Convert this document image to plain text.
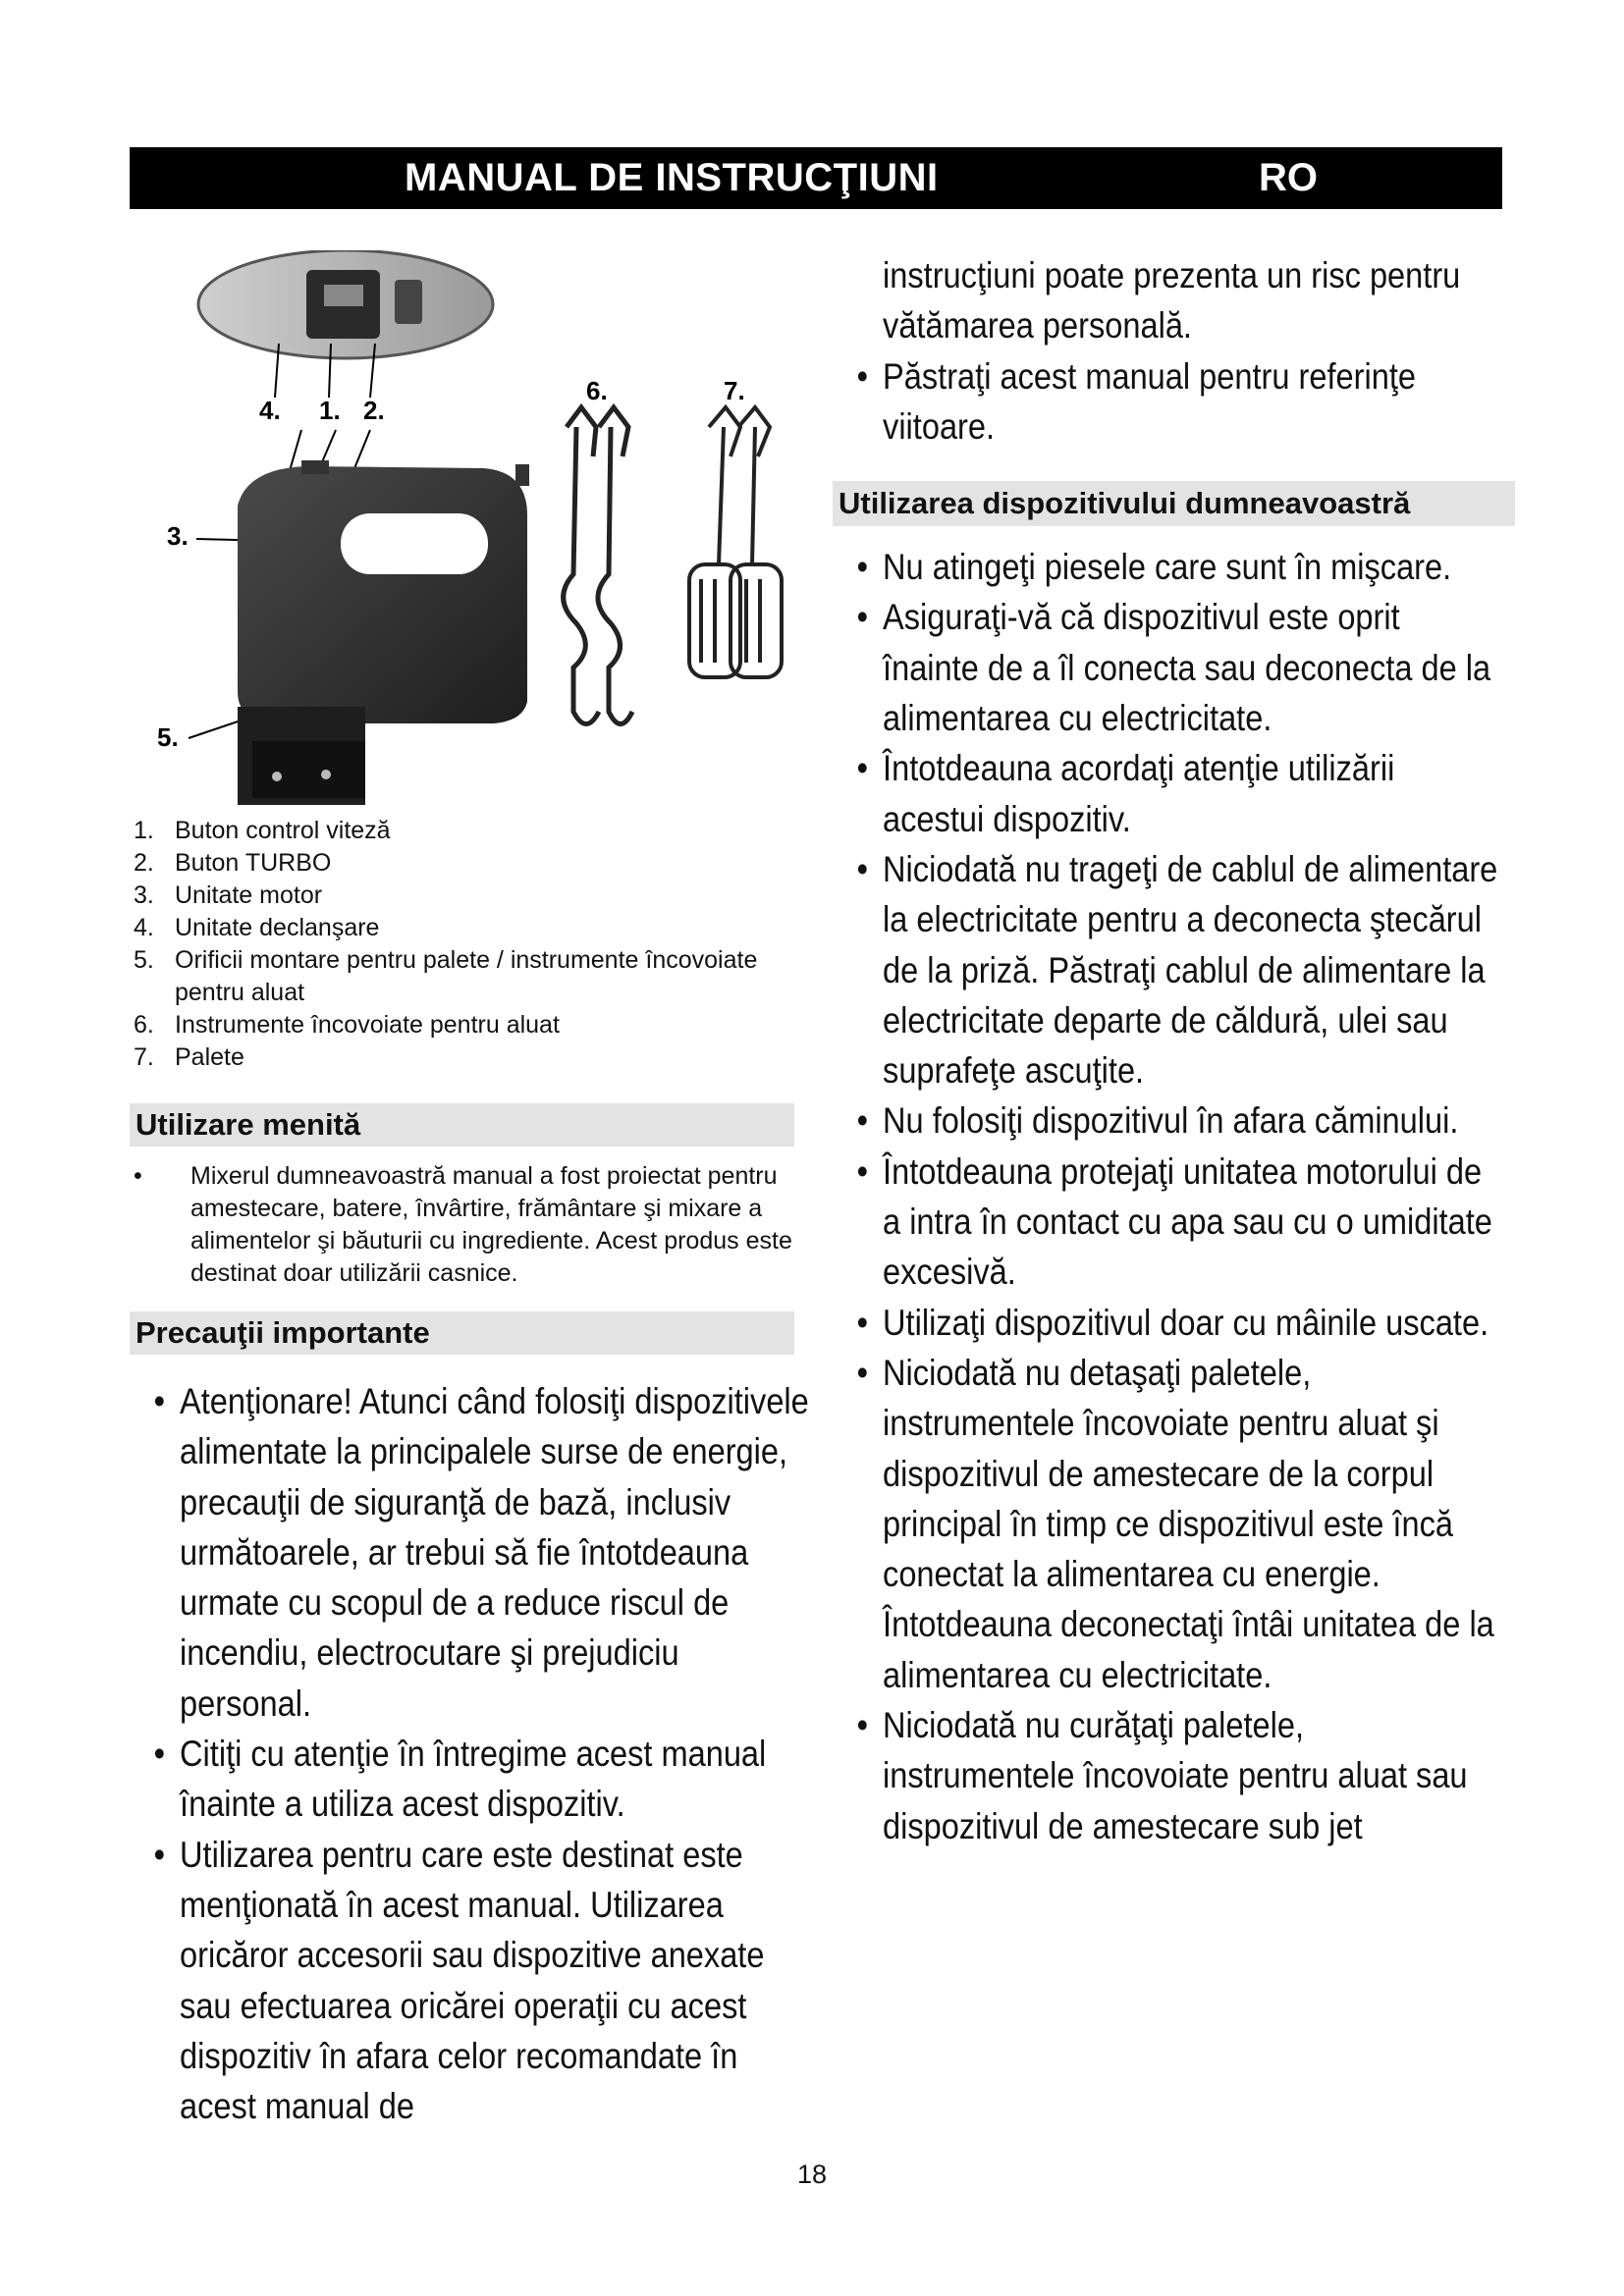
MANUAL DE INSTRUCŢIUNI	RO
4. 1. 2.
6.	7.
3.
5.
1. Buton control viteză
2. Buton TURBO
3. Unitate motor
4. Unitate declanşare
5. Orificii montare pentru palete / instrumente încovoiate pentru aluat
6. Instrumente încovoiate pentru aluat
7. Palete
Utilizare menită
• Mixerul dumneavoastră manual a fost proiectat pentru amestecare, batere, învârtire, frământare şi mixare a alimentelor şi băuturii cu ingrediente. Acest produs este destinat doar utilizării casnice.
Precauţii importante
• Atenţionare! Atunci când folosiţi dispozitivele alimentate la principalele surse de energie, precauţii de siguranţă de bază, inclusiv următoarele, ar trebui să fie întotdeauna urmate cu scopul de a reduce riscul de incendiu, electrocutare şi prejudiciu personal.
• Citiţi cu atenţie în întregime acest manual înainte a utiliza acest dispozitiv.
• Utilizarea pentru care este destinat este menţionată în acest manual. Utilizarea oricăror accesorii sau dispozitive anexate sau efectuarea oricărei operaţii cu acest dispozitiv în afara celor recomandate în acest manual de
instrucţiuni poate prezenta un risc pentru vătămarea personală.
• Păstraţi acest manual pentru referinţe viitoare.
Utilizarea dispozitivului dumneavoastră
• Nu atingeţi piesele care sunt în mişcare.
• Asiguraţi-vă că dispozitivul este oprit înainte de a îl conecta sau deconecta de la alimentarea cu electricitate.
• Întotdeauna acordaţi atenţie utilizării acestui dispozitiv.
• Niciodată nu trageţi de cablul de alimentare la electricitate pentru a deconecta ştecărul de la priză. Păstraţi cablul de alimentare la electricitate departe de căldură, ulei sau suprafeţe ascuţite.
• Nu folosiţi dispozitivul în afara căminului.
• Întotdeauna protejaţi unitatea motorului de a intra în contact cu apa sau cu o umiditate excesivă.
• Utilizaţi dispozitivul doar cu mâinile uscate.
• Niciodată nu detaşaţi paletele, instrumentele încovoiate pentru aluat şi dispozitivul de amestecare de la corpul principal în timp ce dispozitivul este încă conectat la alimentarea cu energie. Întotdeauna deconectaţi întâi unitatea de la alimentarea cu electricitate.
• Niciodată nu curăţaţi paletele, instrumentele încovoiate pentru aluat sau dispozitivul de amestecare sub jet
18
